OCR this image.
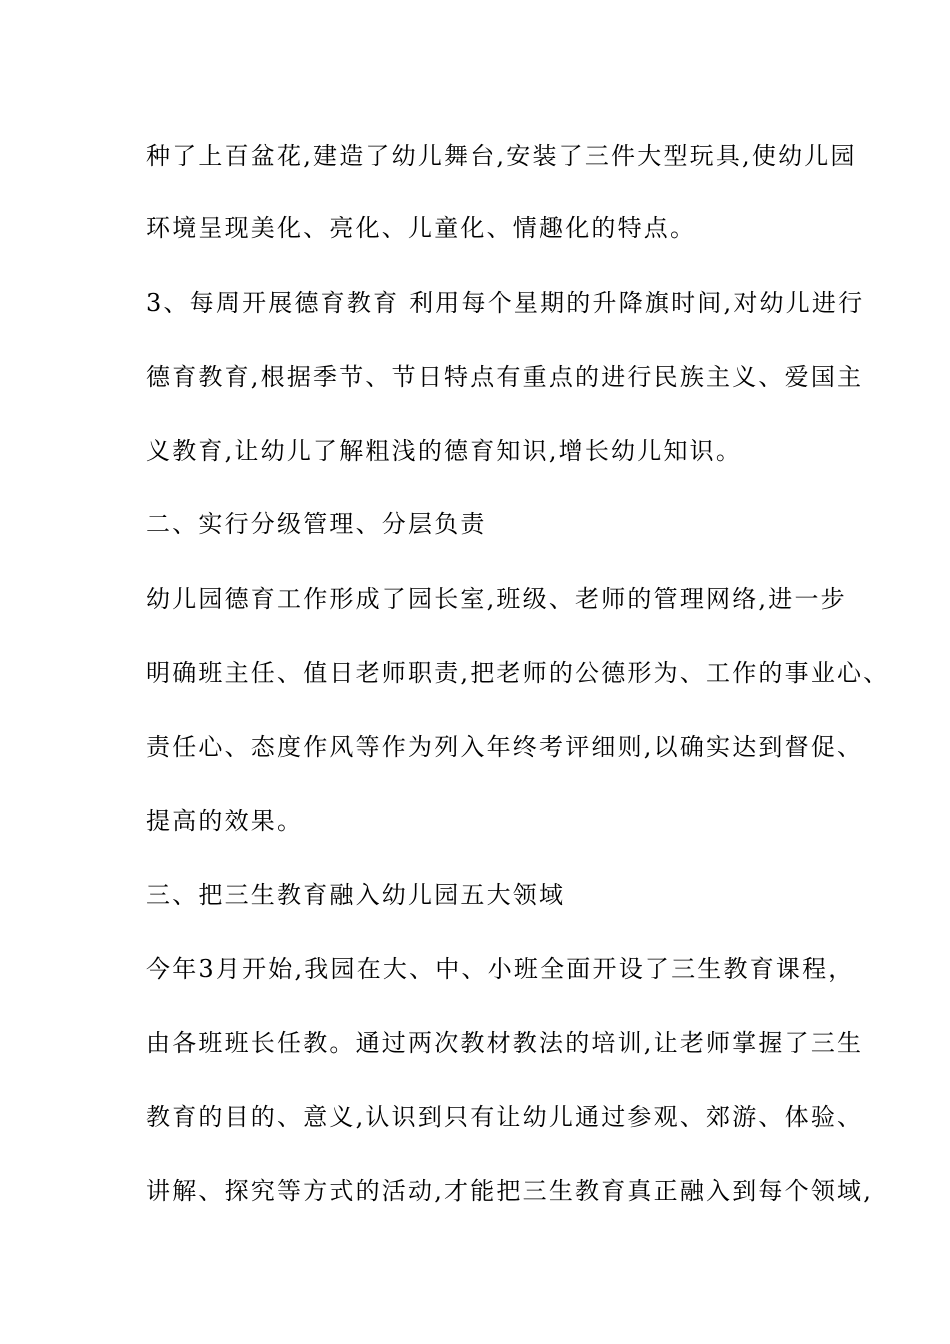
种了上百盆花,建造了幼儿舞台,安装了三件大型玩具,使幼儿园
环境呈现美化、亮化、儿童化、情趣化的特点。
3、每周开展德育教育 利用每个星期的升降旗时间,对幼儿进行
德育教育,根据季节、节日特点有重点的进行民族主义、爱国主
义教育,让幼儿了解粗浅的德育知识,增长幼儿知识。
二、实行分级管理、分层负责
幼儿园德育工作形成了园长室,班级、老师的管理网络,进一步
明确班主任、值日老师职责,把老师的公德形为、工作的事业心、
责任心、态度作风等作为列入年终考评细则,以确实达到督促、
提高的效果。
三、把三生教育融入幼儿园五大领域
今年3月开始,我园在大、中、小班全面开设了三生教育课程，
由各班班长任教。通过两次教材教法的培训,让老师掌握了三生
教育的目的、意义,认识到只有让幼儿通过参观、郊游、体验、
讲解、探究等方式的活动,才能把三生教育真正融入到每个领域,
